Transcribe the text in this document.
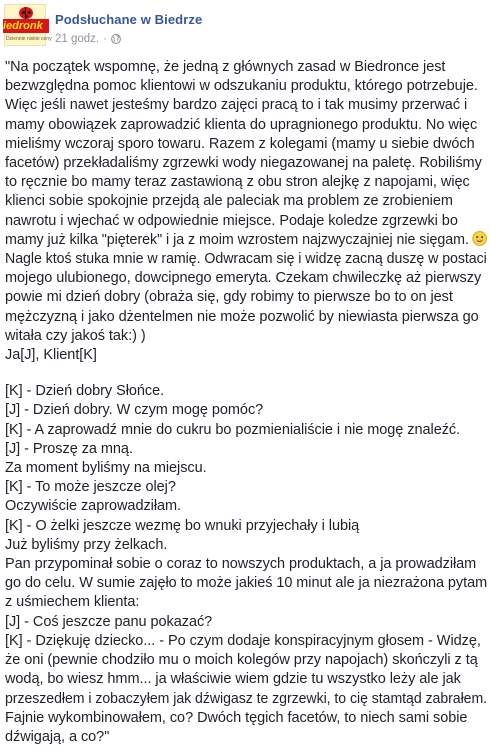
iedronk
Dziennie niskie ceny
Podsłuchane w Biedrze
21 godz. ·
"Na początek wspomnę, że jedną z głównych zasad w Biedronce jest
bezwzględna pomoc klientowi w odszukaniu produktu, którego potrzebuje.
Więc jeśli nawet jesteśmy bardzo zajęci pracą to i tak musimy przerwać i
mamy obowiązek zaprowadzić klienta do upragnionego produktu. No więc
mieliśmy wczoraj sporo towaru. Razem z kolegami (mamy u siebie dwóch
facetów) przekładaliśmy zgrzewki wody niegazowanej na paletę. Robiliśmy
to ręcznie bo mamy teraz zastawioną z obu stron alejkę z napojami, więc
klienci sobie spokojnie przejdą ale paleciak ma problem ze zrobieniem
nawrotu i wjechać w odpowiednie miejsce. Podaje koledze zgrzewki bo
mamy już kilka "pięterek" i ja z moim wzrostem najzwyczajniej nie sięgam.
Nagle ktoś stuka mnie w ramię. Odwracam się i widzę zacną duszę w postaci
mojego ulubionego, dowcipnego emeryta. Czekam chwileczkę aż pierwszy
powie mi dzień dobry (obraża się, gdy robimy to pierwsze bo to on jest
mężczyzną i jako dżentelmen nie może pozwolić by niewiasta pierwsza go
witała czy jakoś tak:) )
Ja[J], Klient[K]
[K] - Dzień dobry Słońce.
[J] - Dzień dobry. W czym mogę pomóc?
[K] - A zaprowadź mnie do cukru bo pozmienialiście i nie mogę znaleźć.
[J] - Proszę za mną.
Za moment byliśmy na miejscu.
[K] - To może jeszcze olej?
Oczywiście zaprowadziłam.
[K] - O żelki jeszcze wezmę bo wnuki przyjechały i lubią
Już byliśmy przy żelkach.
Pan przypominał sobie o coraz to nowszych produktach, a ja prowadziłam
go do celu. W sumie zajęło to może jakieś 10 minut ale ja niezrażona pytam
z uśmiechem klienta:
[J] - Coś jeszcze panu pokazać?
[K] - Dziękuję dziecko... - Po czym dodaje konspiracyjnym głosem - Widzę,
że oni (pewnie chodziło mu o moich kolegów przy napojach) skończyli z tą
wodą, bo wiesz hmm... ja właściwie wiem gdzie tu wszystko leży ale jak
przeszedłem i zobaczyłem jak dźwigasz te zgrzewki, to cię stamtąd zabrałem.
Fajnie wykombinowałem, co? Dwóch tęgich facetów, to niech sami sobie
dźwigają, a co?"
